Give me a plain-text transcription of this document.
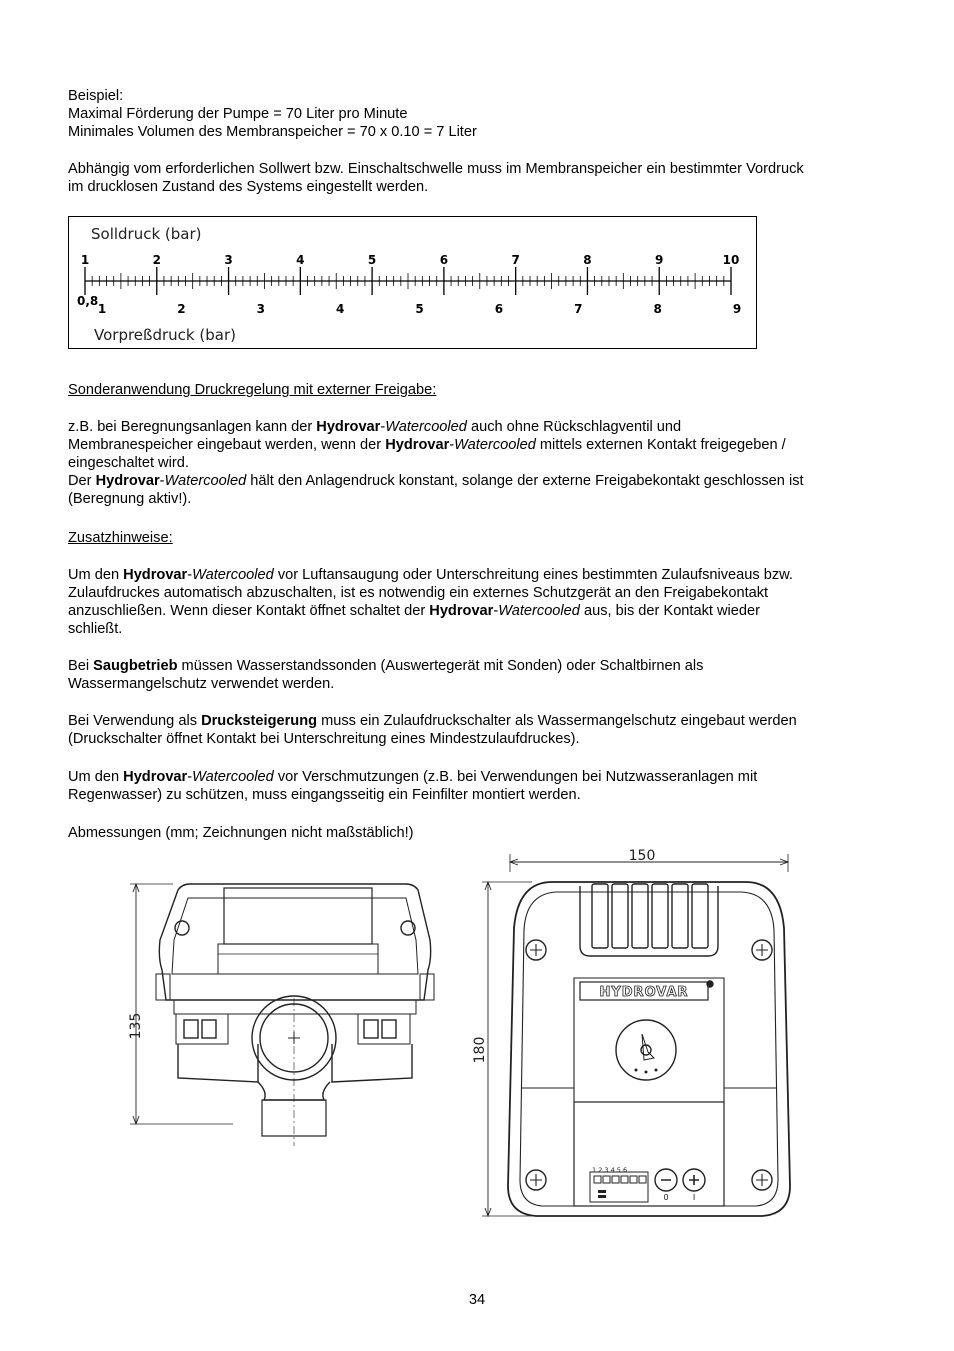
Beispiel:
Maximal Förderung der Pumpe = 70 Liter pro Minute
Minimales Volumen des Membranspeicher = 70 x 0.10 = 7 Liter
Abhängig vom erforderlichen Sollwert bzw. Einschaltschwelle muss im Membranspeicher ein bestimmter Vordruck
im drucklosen Zustand des Systems eingestellt werden.
Solldruck (bar)
Vorpreßdruck (bar)
0,8
1	2	3	4	5	6	7	8	9	10
1	2	3	4	5	6	7	8	9
Sonderanwendung Druckregelung mit externer Freigabe:
z.B. bei Beregnungsanlagen kann der Hydrovar-Watercooled auch ohne Rückschlagventil und
Membranespeicher eingebaut werden, wenn der Hydrovar-Watercooled mittels externen Kontakt freigegeben /
eingeschaltet wird.
Der Hydrovar-Watercooled hält den Anlagendruck konstant, solange der externe Freigabekontakt geschlossen ist
(Beregnung aktiv!).
Zusatzhinweise:
Um den Hydrovar-Watercooled vor Luftansaugung oder Unterschreitung eines bestimmten Zulaufsniveaus bzw.
Zulaufdruckes automatisch abzuschalten, ist es notwendig ein externes Schutzgerät an den Freigabekontakt
anzuschließen. Wenn dieser Kontakt öffnet schaltet der Hydrovar-Watercooled aus, bis der Kontakt wieder
schließt.
Bei Saugbetrieb müssen Wasserstandssonden (Auswertegerät mit Sonden) oder Schaltbirnen als
Wassermangelschutz verwendet werden.
Bei Verwendung als Drucksteigerung muss ein Zulaufdruckschalter als Wassermangelschutz eingebaut werden
(Druckschalter öffnet Kontakt bei Unterschreitung eines Mindestzulaufdruckes).
Um den Hydrovar-Watercooled vor Verschmutzungen (z.B. bei Verwendungen bei Nutzwasseranlagen mit
Regenwasser) zu schützen, muss eingangsseitig ein Feinfilter montiert werden.
Abmessungen (mm; Zeichnungen nicht maßstäblich!)
135
150
180
HYDROVAR
1 2 3 4 5 6
0	I
34
